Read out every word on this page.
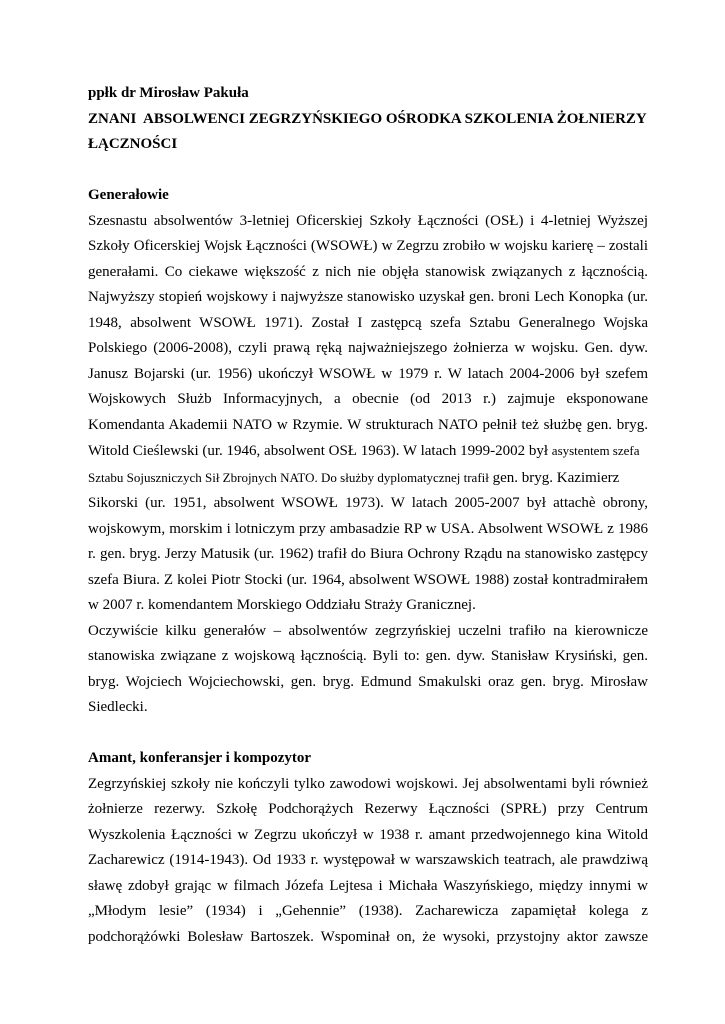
ppłk dr Mirosław Pakuła
ZNANI  ABSOLWENCI ZEGRZYŃSKIEGO OŚRODKA SZKOLENIA ŻOŁNIERZY
ŁĄCZNOŚCI
Generałowie
Szesnastu absolwentów 3-letniej Oficerskiej Szkoły Łączności (OSŁ) i 4-letniej Wyższej
Szkoły Oficerskiej Wojsk Łączności (WSOWŁ) w Zegrzu zrobiło w wojsku karierę – zostali
generałami. Co ciekawe większość z nich nie objęła stanowisk związanych z łącznością.
Najwyższy stopień wojskowy i najwyższe stanowisko uzyskał gen. broni Lech Konopka (ur.
1948, absolwent WSOWŁ 1971). Został I zastępcą szefa Sztabu Generalnego Wojska
Polskiego (2006-2008), czyli prawą ręką najważniejszego żołnierza w wojsku. Gen. dyw.
Janusz Bojarski (ur. 1956) ukończył WSOWŁ w 1979 r. W latach 2004-2006 był szefem
Wojskowych Służb Informacyjnych, a obecnie (od 2013 r.) zajmuje eksponowane
Komendanta Akademii NATO w Rzymie. W strukturach NATO pełnił też służbę gen. bryg.
Witold Cieślewski (ur. 1946, absolwent OSŁ 1963). W latach 1999-2002 był asystentem szefa
Sztabu Sojuszniczych Sił Zbrojnych NATO. Do służby dyplomatycznej trafił gen. bryg. Kazimierz
Sikorski (ur. 1951, absolwent WSOWŁ 1973). W latach 2005-2007 był attachè obrony,
wojskowym, morskim i lotniczym przy ambasadzie RP w USA. Absolwent WSOWŁ z 1986
r. gen. bryg. Jerzy Matusik (ur. 1962) trafił do Biura Ochrony Rządu na stanowisko zastępcy
szefa Biura. Z kolei Piotr Stocki (ur. 1964, absolwent WSOWŁ 1988) został kontradmirałem
w 2007 r. komendantem Morskiego Oddziału Straży Granicznej.
Oczywiście kilku generałów – absolwentów zegrzyńskiej uczelni trafiło na kierownicze
stanowiska związane z wojskową łącznością. Byli to: gen. dyw. Stanisław Krysiński, gen.
bryg. Wojciech Wojciechowski, gen. bryg. Edmund Smakulski oraz gen. bryg. Mirosław
Siedlecki.
Amant, konferansjer i kompozytor
Zegrzyńskiej szkoły nie kończyli tylko zawodowi wojskowi. Jej absolwentami byli również
żołnierze rezerwy. Szkołę Podchorążych Rezerwy Łączności (SPRŁ) przy Centrum
Wyszkolenia Łączności w Zegrzu ukończył w 1938 r. amant przedwojennego kina Witold
Zacharewicz (1914-1943). Od 1933 r. występował w warszawskich teatrach, ale prawdziwą
sławę zdobył grając w filmach Józefa Lejtesa i Michała Waszyńskiego, między innymi w
„Młodym lesie” (1934) i „Gehennie” (1938). Zacharewicza zapamiętał kolega z
podchorążówki Bolesław Bartoszek. Wspominał on, że wysoki, przystojny aktor zawsze
